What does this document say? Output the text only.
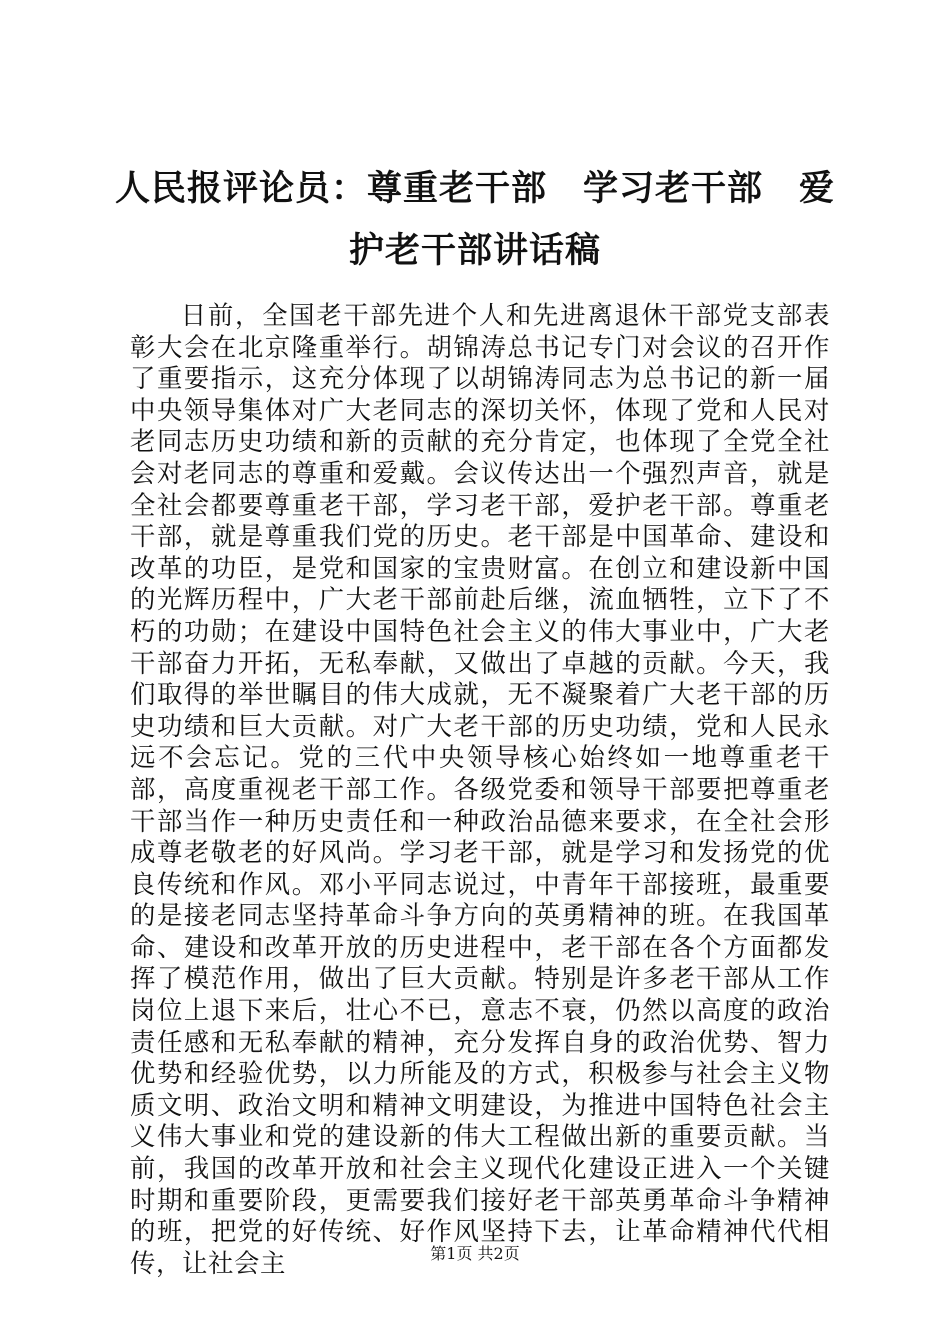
人民报评论员：尊重老干部　学习老干部　爱护老干部讲话稿

日前，全国老干部先进个人和先进离退休干部党支部表彰大会在北京隆重举行。胡锦涛总书记专门对会议的召开作了重要指示，这充分体现了以胡锦涛同志为总书记的新一届中央领导集体对广大老同志的深切关怀，体现了党和人民对老同志历史功绩和新的贡献的充分肯定，也体现了全党全社会对老同志的尊重和爱戴。会议传达出一个强烈声音，就是全社会都要尊重老干部，学习老干部，爱护老干部。尊重老干部，就是尊重我们党的历史。老干部是中国革命、建设和改革的功臣，是党和国家的宝贵财富。在创立和建设新中国的光辉历程中，广大老干部前赴后继，流血牺牲，立下了不朽的功勋；在建设中国特色社会主义的伟大事业中，广大老干部奋力开拓，无私奉献，又做出了卓越的贡献。今天，我们取得的举世瞩目的伟大成就，无不凝聚着广大老干部的历史功绩和巨大贡献。对广大老干部的历史功绩，党和人民永远不会忘记。党的三代中央领导核心始终如一地尊重老干部，高度重视老干部工作。各级党委和领导干部要把尊重老干部当作一种历史责任和一种政治品德来要求，在全社会形成尊老敬老的好风尚。学习老干部，就是学习和发扬党的优良传统和作风。邓小平同志说过，中青年干部接班，最重要的是接老同志坚持革命斗争方向的英勇精神的班。在我国革命、建设和改革开放的历史进程中，老干部在各个方面都发挥了模范作用，做出了巨大贡献。特别是许多老干部从工作岗位上退下来后，壮心不已，意志不衰，仍然以高度的政治责任感和无私奉献的精神，充分发挥自身的政治优势、智力优势和经验优势，以力所能及的方式，积极参与社会主义物质文明、政治文明和精神文明建设，为推进中国特色社会主义伟大事业和党的建设新的伟大工程做出新的重要贡献。当前，我国的改革开放和社会主义现代化建设正进入一个关键时期和重要阶段，更需要我们接好老干部英勇革命斗争精神的班，把党的好传统、好作风坚持下去，让革命精神代代相传，让社会主	第1页 共2页
